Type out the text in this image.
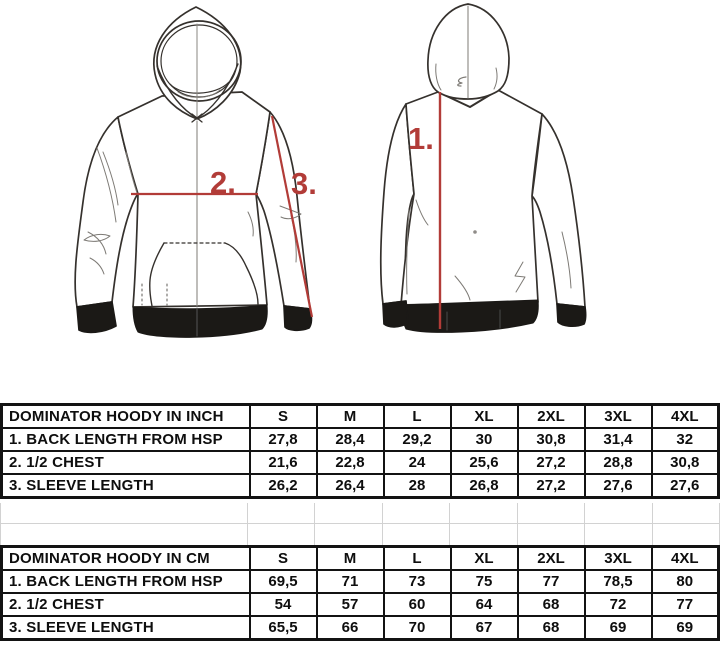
2. 3.
1.
DOMINATOR HOODY IN INCH	S	M	L	XL	2XL	3XL	4XL
1. BACK LENGTH FROM HSP	27,8	28,4	29,2	30	30,8	31,4	32
2. 1/2 CHEST	21,6	22,8	24	25,6	27,2	28,8	30,8
3. SLEEVE LENGTH	26,2	26,4	28	26,8	27,2	27,6	27,6
DOMINATOR HOODY IN CM	S	M	L	XL	2XL	3XL	4XL
1. BACK LENGTH FROM HSP	69,5	71	73	75	77	78,5	80
2. 1/2 CHEST	54	57	60	64	68	72	77
3. SLEEVE LENGTH	65,5	66	70	67	68	69	69
